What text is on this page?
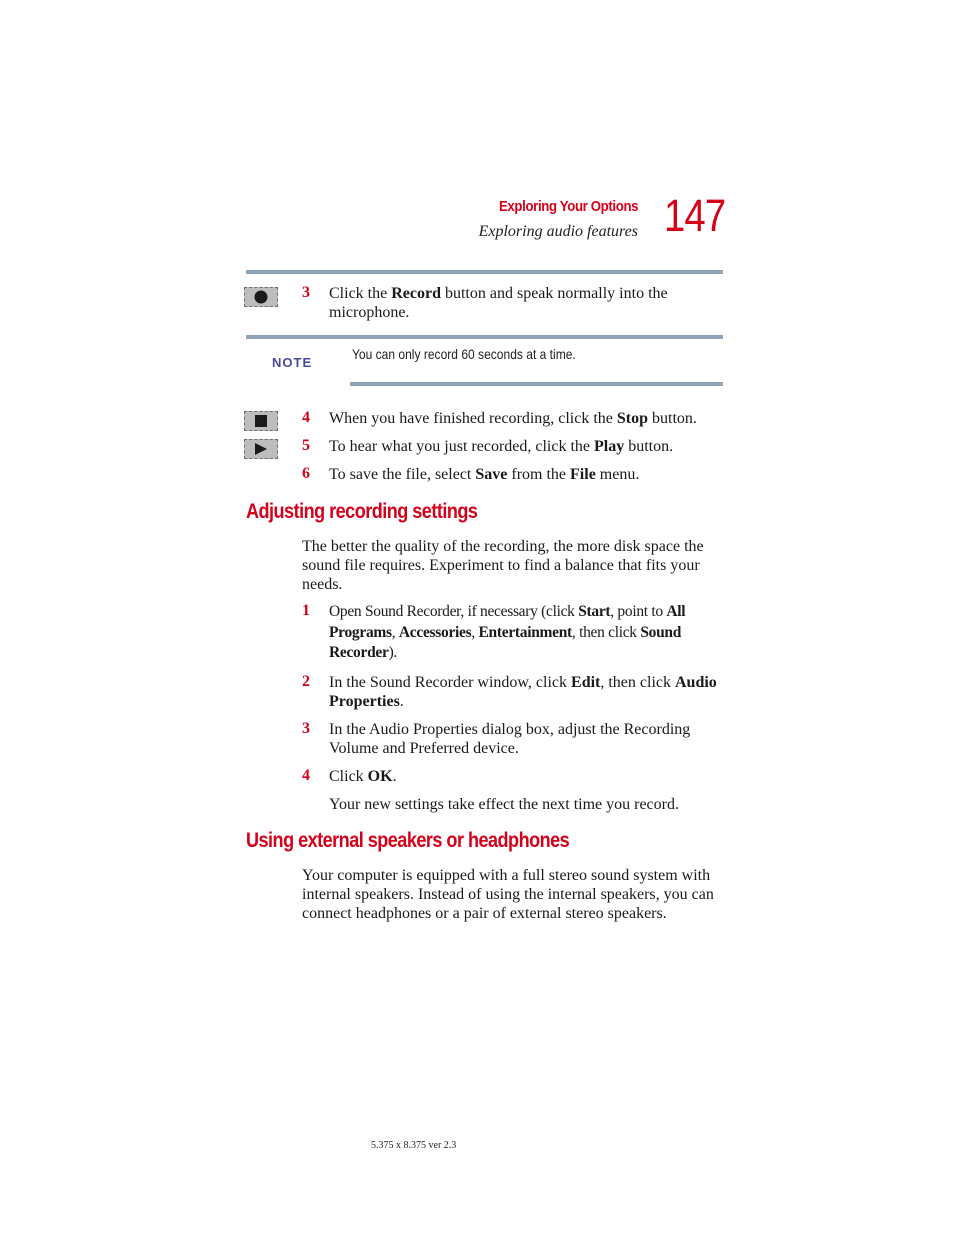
Exploring Your Options
Exploring audio features 147
3	Click the Record button and speak normally into the microphone.
NOTE
You can only record 60 seconds at a time.
4	When you have finished recording, click the Stop button.
5	To hear what you just recorded, click the Play button.
6	To save the file, select Save from the File menu.
Adjusting recording settings
The better the quality of the recording, the more disk space the sound file requires. Experiment to find a balance that fits your needs.
1	Open Sound Recorder, if necessary (click Start, point to All Programs, Accessories, Entertainment, then click Sound Recorder).
2	In the Sound Recorder window, click Edit, then click Audio Properties.
3	In the Audio Properties dialog box, adjust the Recording Volume and Preferred device.
4	Click OK.
Your new settings take effect the next time you record.
Using external speakers or headphones
Your computer is equipped with a full stereo sound system with internal speakers. Instead of using the internal speakers, you can connect headphones or a pair of external stereo speakers.
5.375 x 8.375 ver 2.3
